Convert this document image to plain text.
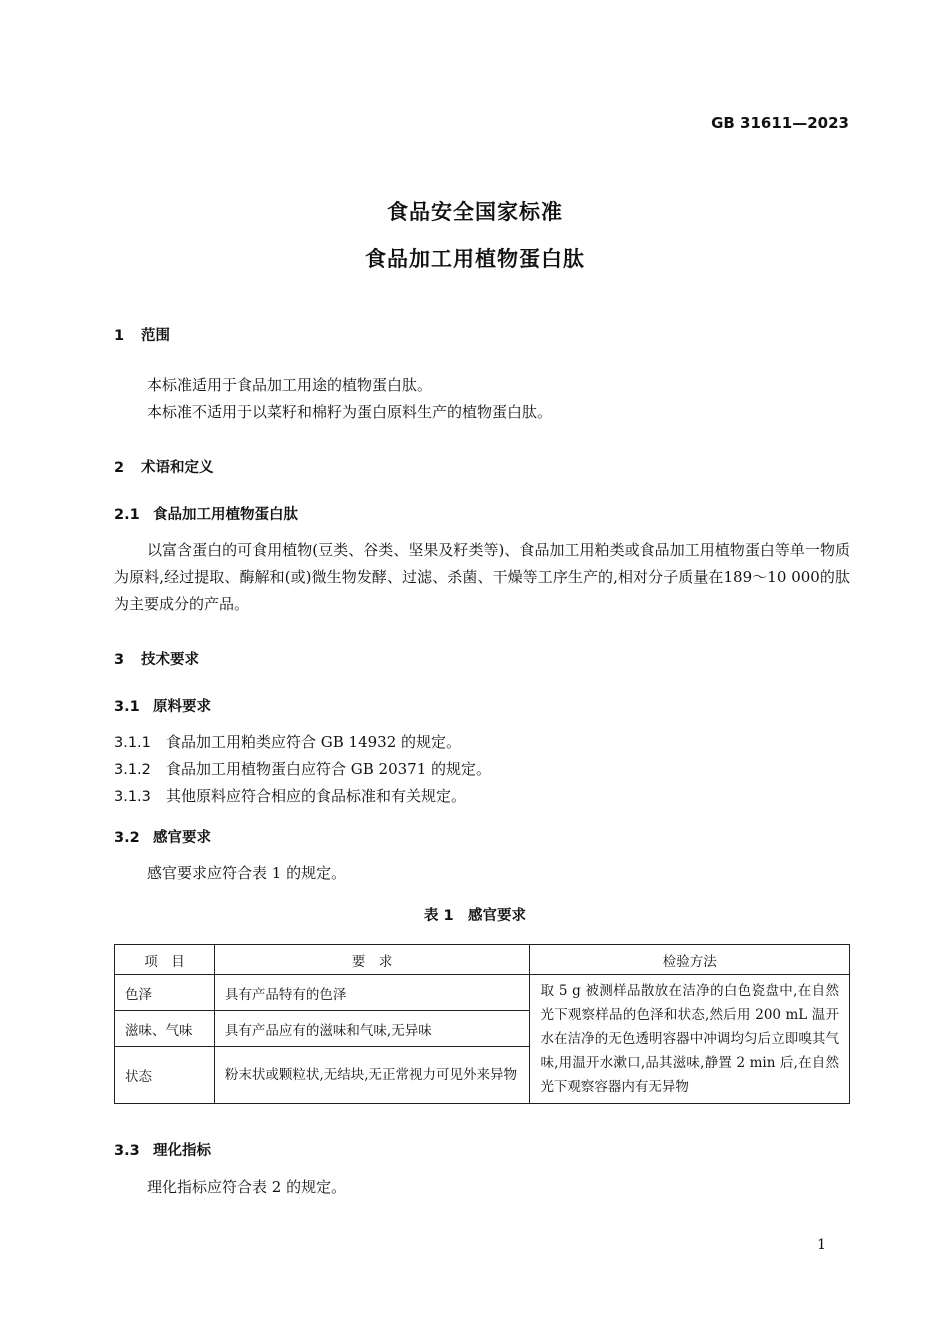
GB 31611—2023
食品安全国家标准
食品加工用植物蛋白肽
1 范围
本标准适用于食品加工用途的植物蛋白肽。
本标准不适用于以菜籽和棉籽为蛋白原料生产的植物蛋白肽。
2 术语和定义
2.1 食品加工用植物蛋白肽
以富含蛋白的可食用植物(豆类、谷类、坚果及籽类等)、食品加工用粕类或食品加工用植物蛋白等单一物质为原料,经过提取、酶解和(或)微生物发酵、过滤、杀菌、干燥等工序生产的,相对分子质量在189～10 000的肽为主要成分的产品。
3 技术要求
3.1 原料要求
3.1.1 食品加工用粕类应符合 GB 14932 的规定。
3.1.2 食品加工用植物蛋白应符合 GB 20371 的规定。
3.1.3 其他原料应符合相应的食品标准和有关规定。
3.2 感官要求
感官要求应符合表 1 的规定。
表 1　感官要求
项　目	要　求	检验方法
色泽	具有产品特有的色泽	取 5 g 被测样品散放在洁净的白色瓷盘中,在自然光下观察样品的色泽和状态,然后用 200 mL 温开水在洁净的无色透明容器中冲调均匀后立即嗅其气味,用温开水漱口,品其滋味,静置 2 min 后,在自然光下观察容器内有无异物
滋味、气味	具有产品应有的滋味和气味,无异味	
状态	粉末状或颗粒状,无结块,无正常视力可见外来异物	
3.3 理化指标
理化指标应符合表 2 的规定。
1
